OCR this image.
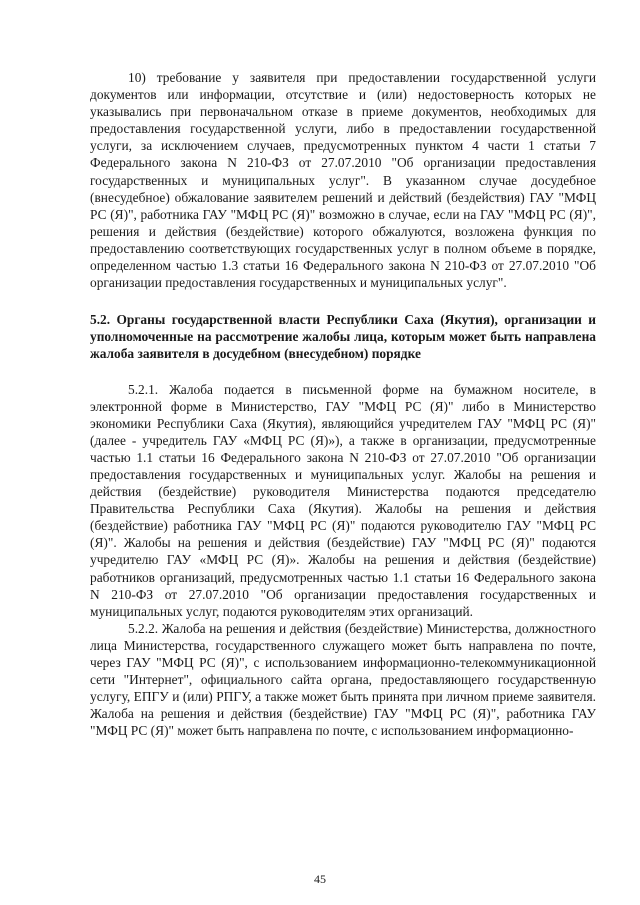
10) требование у заявителя при предоставлении государственной услуги документов или информации, отсутствие и (или) недостоверность которых не указывались при первоначальном отказе в приеме документов, необходимых для предоставления государственной услуги, либо в предоставлении государственной услуги, за исключением случаев, предусмотренных пунктом 4 части 1 статьи 7 Федерального закона N 210-ФЗ от 27.07.2010 "Об организации предоставления государственных и муниципальных услуг". В указанном случае досудебное (внесудебное) обжалование заявителем решений и действий (бездействия) ГАУ "МФЦ РС (Я)", работника ГАУ "МФЦ РС (Я)" возможно в случае, если на ГАУ "МФЦ РС (Я)", решения и действия (бездействие) которого обжалуются, возложена функция по предоставлению соответствующих государственных услуг в полном объеме в порядке, определенном частью 1.3 статьи 16 Федерального закона N 210-ФЗ от 27.07.2010 "Об организации предоставления государственных и муниципальных услуг".

5.2. Органы государственной власти Республики Саха (Якутия), организации и уполномоченные на рассмотрение жалобы лица, которым может быть направлена жалоба заявителя в досудебном (внесудебном) порядке

5.2.1. Жалоба подается в письменной форме на бумажном носителе, в электронной форме в Министерство, ГАУ "МФЦ РС (Я)" либо в Министерство экономики Республики Саха (Якутия), являющийся учредителем ГАУ "МФЦ РС (Я)" (далее - учредитель ГАУ «МФЦ РС (Я)»), а также в организации, предусмотренные частью 1.1 статьи 16 Федерального закона N 210-ФЗ от 27.07.2010 "Об организации предоставления государственных и муниципальных услуг. Жалобы на решения и действия (бездействие) руководителя Министерства подаются председателю Правительства Республики Саха (Якутия). Жалобы на решения и действия (бездействие) работника ГАУ "МФЦ РС (Я)" подаются руководителю ГАУ "МФЦ РС (Я)". Жалобы на решения и действия (бездействие) ГАУ "МФЦ РС (Я)" подаются учредителю ГАУ «МФЦ РС (Я)». Жалобы на решения и действия (бездействие) работников организаций, предусмотренных частью 1.1 статьи 16 Федерального закона N 210-ФЗ от 27.07.2010 "Об организации предоставления государственных и муниципальных услуг, подаются руководителям этих организаций.

5.2.2. Жалоба на решения и действия (бездействие) Министерства, должностного лица Министерства, государственного служащего может быть направлена по почте, через ГАУ "МФЦ РС (Я)", с использованием информационно-телекоммуникационной сети "Интернет", официального сайта органа, предоставляющего государственную услугу, ЕПГУ и (или) РПГУ, а также может быть принята при личном приеме заявителя. Жалоба на решения и действия (бездействие) ГАУ "МФЦ РС (Я)", работника ГАУ "МФЦ РС (Я)" может быть направлена по почте, с использованием информационно-

45
